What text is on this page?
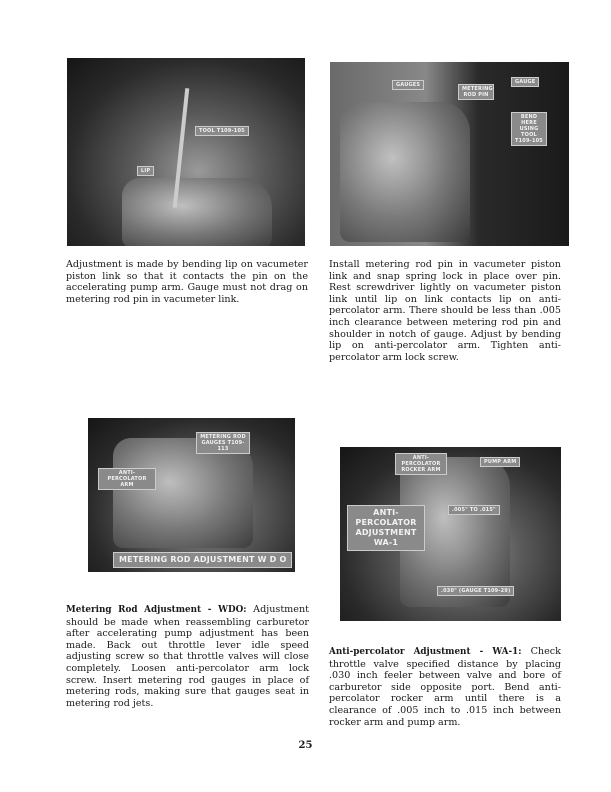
TOOL T109-105
LIP
GAUGES
METERING ROD PIN
GAUGE
BEND HERE USING TOOL T109-105
Adjustment is made by bending lip on vacumeter piston link so that it contacts the pin on the accelerating pump arm. Gauge must not drag on metering rod pin in vacumeter link.
Install metering rod pin in vacumeter piston link and snap spring lock in place over pin. Rest screwdriver lightly on vacumeter piston link until lip on link contacts lip on anti-percolator arm. There should be less than .005 inch clearance between metering rod pin and shoulder in notch of gauge. Adjust by bending lip on anti-percolator arm. Tighten anti-percolator arm lock screw.
METERING ROD GAUGES T109-113
ANTI-PERCOLATOR ARM
METERING ROD ADJUSTMENT W D O
ANTI-PERCOLATOR ROCKER ARM
PUMP ARM
.005" TO .015"
ANTI-PERCOLATOR ADJUSTMENT WA-1
.030" (GAUGE T109-29)
Metering Rod Adjustment - WDO: Adjustment should be made when reassembling carburetor after accelerating pump adjustment has been made. Back out throttle lever idle speed adjusting screw so that throttle valves will close completely. Loosen anti-percolator arm lock screw. Insert metering rod gauges in place of metering rods, making sure that gauges seat in metering rod jets.
Anti-percolator Adjustment - WA-1: Check throttle valve specified distance by placing .030 inch feeler between valve and bore of carburetor side opposite port. Bend anti-percolator rocker arm until there is a clearance of .005 inch to .015 inch between rocker arm and pump arm.
25
